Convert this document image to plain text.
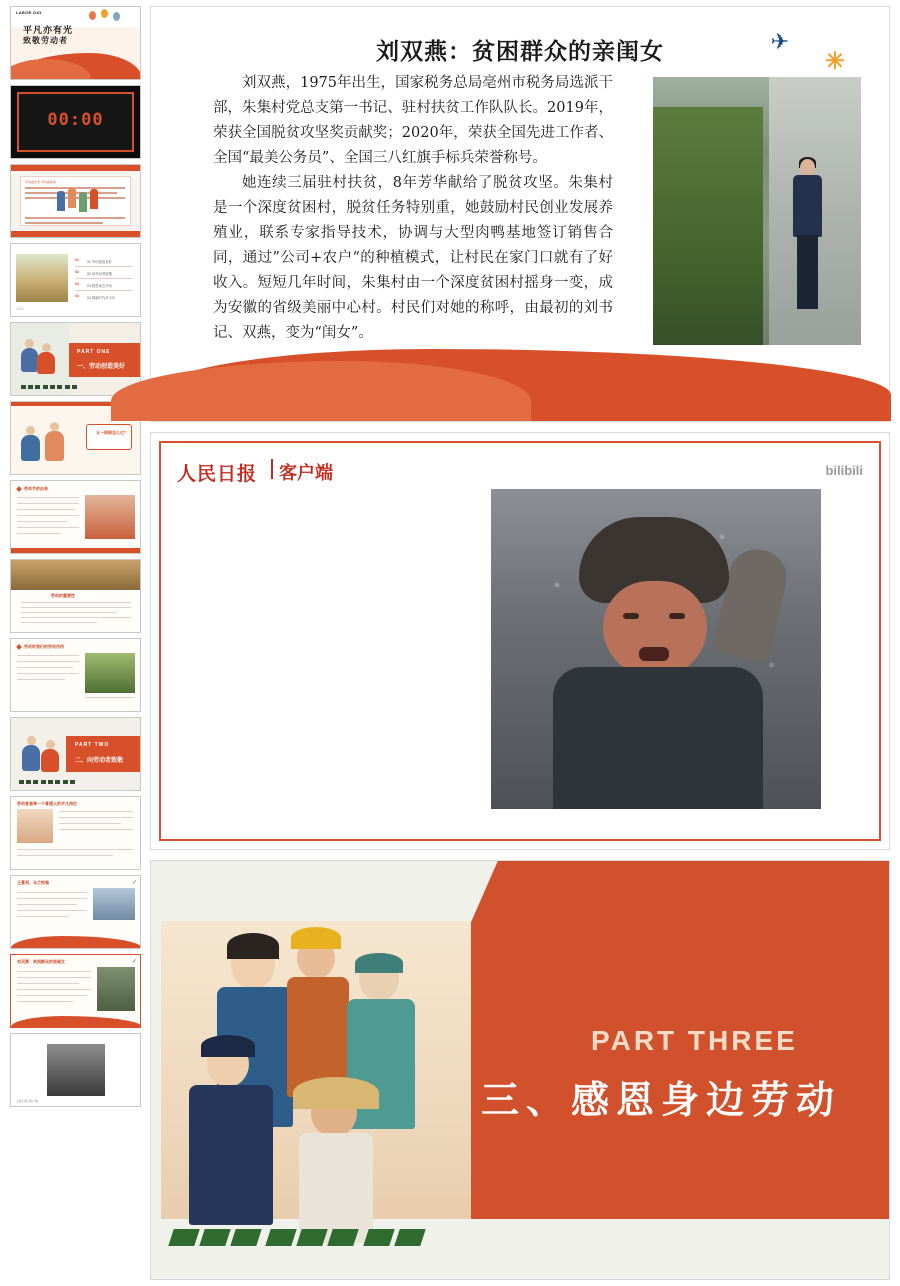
LABOR DAY
平凡亦有光
致敬劳动者
00:00
劳动最光荣 劳动最崇高
01 01 劳动创造美好
02 02 向劳动者致敬
03 03 感恩身边劳动
04 04 做新时代好少年
2023
PART ONE
一、劳动创造美好

五一假期怎么过？
劳动节的由来
劳动的重要性
劳动时我们的劳动作用
PART TWO
二、向劳动者致敬

劳动者是每一个普通人的平凡岗位
✓
王曼利、乌兰牧骑
✓
刘双燕：贫困群众的亲闺女
人民日报 客户端
✈
✳
刘双燕：贫困群众的亲闺女

刘双燕，1975年出生，国家税务总局亳州市税务局选派干部，朱集村党总支第一书记、驻村扶贫工作队队长。2019年，荣获全国脱贫攻坚奖贡献奖；2020年，荣获全国先进工作者、全国“最美公务员”、全国三八红旗手标兵荣誉称号。

她连续三届驻村扶贫，8年芳华献给了脱贫攻坚。朱集村是一个深度贫困村，脱贫任务特别重，她鼓励村民创业发展养殖业，联系专家指导技术，协调与大型肉鸭基地签订销售合同，通过”公司+农户“的种植模式，让村民在家门口就有了好收入。短短几年时间，朱集村由一个深度贫困村摇身一变，成为安徽的省级美丽中心村。村民们对她的称呼，由最初的刘书记、双燕，变为“闺女”。

人民日报 客户端	bilibili
PART THREE
三、感恩身边劳动
